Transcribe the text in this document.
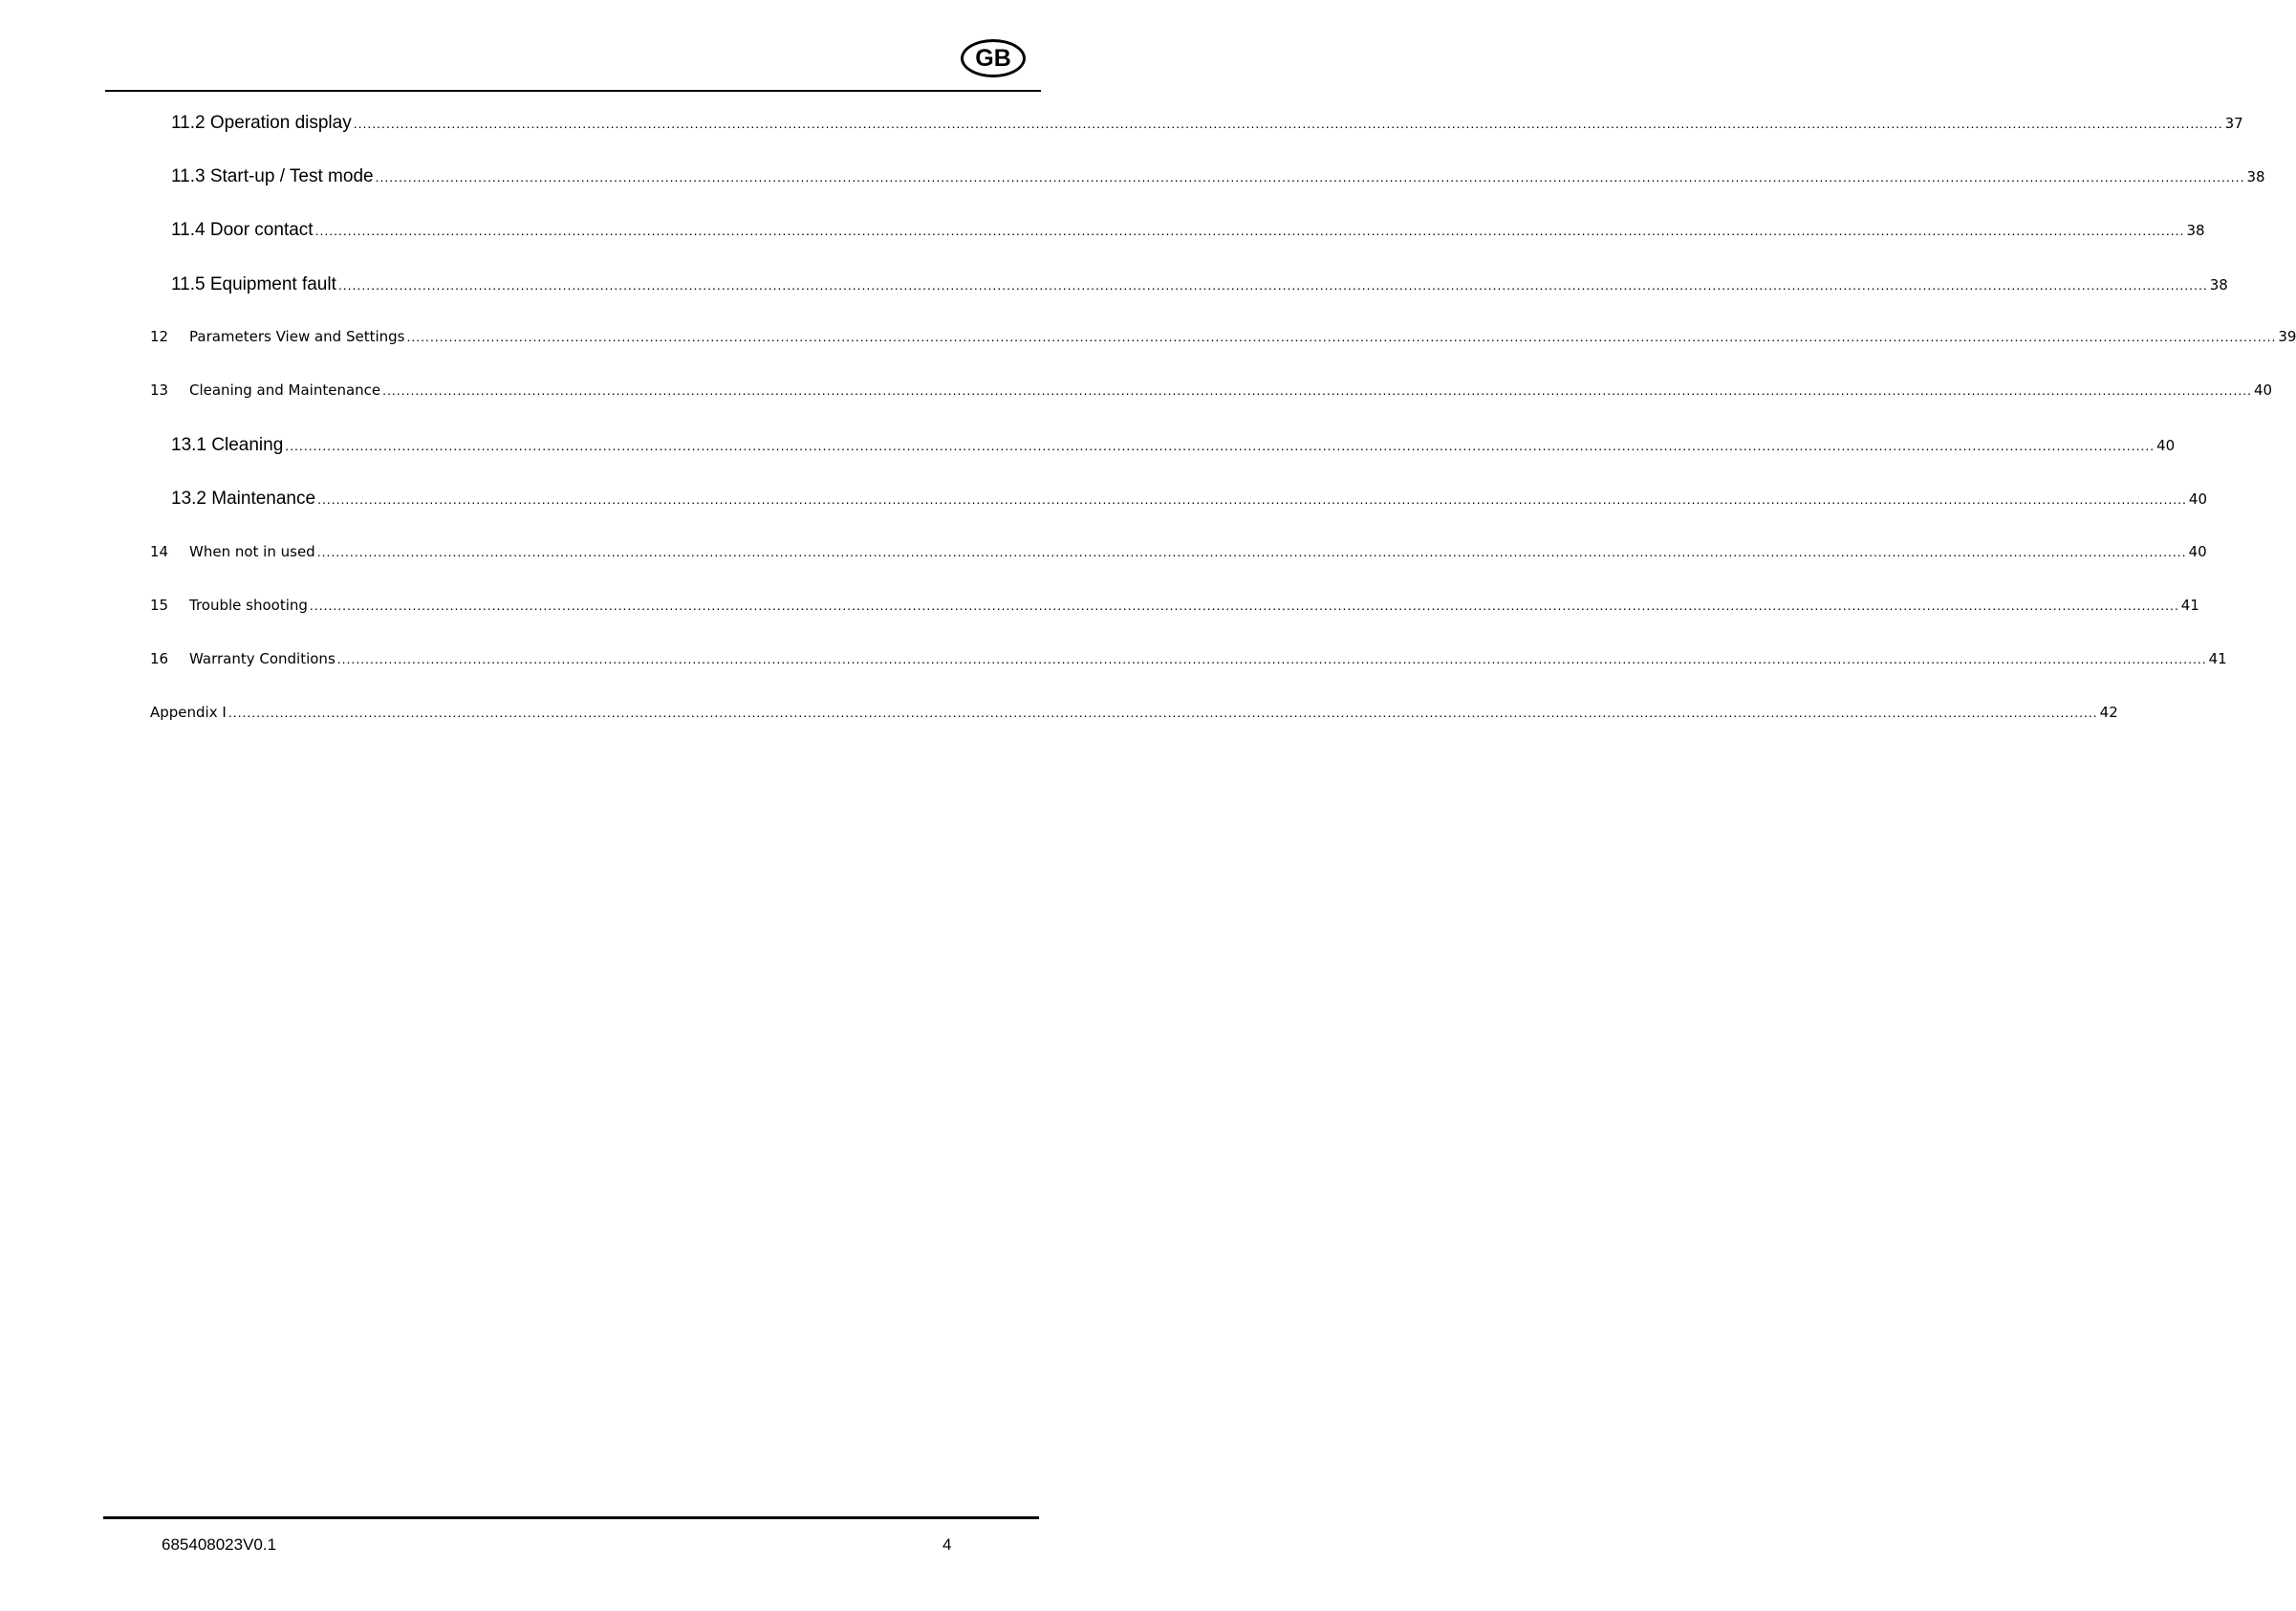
GB
11.2 Operation display ................................................................................................................................................................................................................................................................................................................................................................................................................ 37
11.3 Start-up / Test mode ................................................................................................................................................................................................................................................................................................................................................................................................................ 38
11.4 Door contact ................................................................................................................................................................................................................................................................................................................................................................................................................ 38
11.5 Equipment fault ................................................................................................................................................................................................................................................................................................................................................................................................................ 38
12	Parameters View and Settings ................................................................................................................................................................................................................................................................................................................................................................................................................ 39
13	Cleaning and Maintenance ................................................................................................................................................................................................................................................................................................................................................................................................................ 40
13.1 Cleaning ................................................................................................................................................................................................................................................................................................................................................................................................................ 40
13.2 Maintenance ................................................................................................................................................................................................................................................................................................................................................................................................................ 40
14	When not in used ................................................................................................................................................................................................................................................................................................................................................................................................................ 40
15	Trouble shooting ................................................................................................................................................................................................................................................................................................................................................................................................................ 41
16	Warranty Conditions ................................................................................................................................................................................................................................................................................................................................................................................................................ 41
Appendix I ................................................................................................................................................................................................................................................................................................................................................................................................................ 42
685408023V0.1	4
